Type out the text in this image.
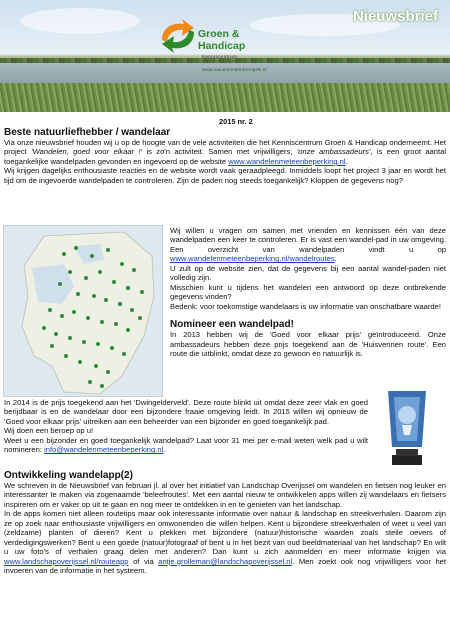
Nieuwsbrief
Groen &
Handicap
Kenniscentrum
www.natuurzonderdrempels.nl
2015 nr. 2
Beste natuurliefhebber / wandelaar

Via onze nieuwsbrief houden wij u op de hoogte van de vele activiteiten die het Kenniscentrum Groen & Handicap onderneemt. Het project 'Wandelen, goed voor elkaar !' is zo'n activiteit. Samen met vrijwilligers, 'onze ambassadeurs', is een groot aantal toegankelijke wandelpaden gevonden en ingevoerd op de website www.wandelenmeteenbeperking.nl.

Wij krijgen dagelijks enthousiaste reacties en de website wordt vaak geraadpleegd. Inmiddels loopt het project 3 jaar en wordt het tijd om de ingevoerde wandelpaden te controleren. Zijn de paden nog steeds toegankelijk? Kloppen de gegevens nog?

Wij willen u vragen om samen met vrienden en kennissen één van deze wandelpaden een keer te controleren. Er is vast een wandel-pad in uw omgeving. Een overzicht van wandelpaden vindt u op www.wandelenmeteenbeperking.nl/wandelroutes.

U zult op de website zien, dat de gegevens bij een aantal wandel-paden niet volledig zijn.

Misschien kunt u tijdens het wandelen een antwoord op deze ontbrekende gegevens vinden?

Bedenk: voor toekomstige wandelaars is uw informatie van onschatbare waarde!

Nomineer een wandelpad!

In 2013 hebben wij de 'Goed voor elkaar prijs' geïntroduceerd. Onze ambassadeurs hebben deze prijs toegekend aan de 'Huisvennen route'. Een route die uitblinkt, omdat deze zo gewoon en natuurlijk is.

In 2014 is de prijs toegekend aan het 'Dwingelderveld'. Deze route blinkt uit omdat deze zeer vlak en goed berijdbaar is en de wandelaar door een bijzondere fraaie omgeving leidt. In 2015 willen wij opnieuw de 'Goed voor elkaar prijs' uitreiken aan een beheerder van een bijzonder en goed toegankelijk pad.

Wij doen een beroep op u!

Weet u een bijzonder en goed toegankelijk wandelpad? Laat voor 31 mei per e-mail weten welk pad u wilt nomineren: info@wandelenmeteenbeperking.nl.

Ontwikkeling wandelapp(2)

We schreven in de Nieuwsbrief van februari jl. al over het initiatief van Landschap Overijssel om wandelen en fietsen nog leuker en interessanter te maken via zogenaamde 'beleefroutes'. Met een aantal nieuw te ontwikkelen apps willen zij wandelaars en fietsers inspireren om er vaker op uit te gaan en nog meer te ontdekken in en te genieten van het landschap.

In de apps komen niet alleen routetips maar ook interessante informatie over natuur & landschap en streekverhalen. Daarom zijn ze op zoek naar enthousiaste vrijwilligers en omwonenden die willen helpen. Kent u bijzondere streekverhalen of weet u veel van (zeldzame) planten of dieren? Kent u plekken met bijzondere (natuur)historische waarden zoals steile oevers of verdedigingswerken? Bent u een goede (natuur)fotograaf of bent u in het bezit van oud beeldmateriaal van het landschap? En wilt u uw foto's of verhalen graag delen met anderen? Dan kunt u zich aanmelden en meer informatie krijgen via www.landschapoverijssel.nl/routeapp of via antje.grolleman@landschapoverijssel.nl. Men zoekt ook nog vrijwilligers voor het invoeren van de informatie in het systeem.
